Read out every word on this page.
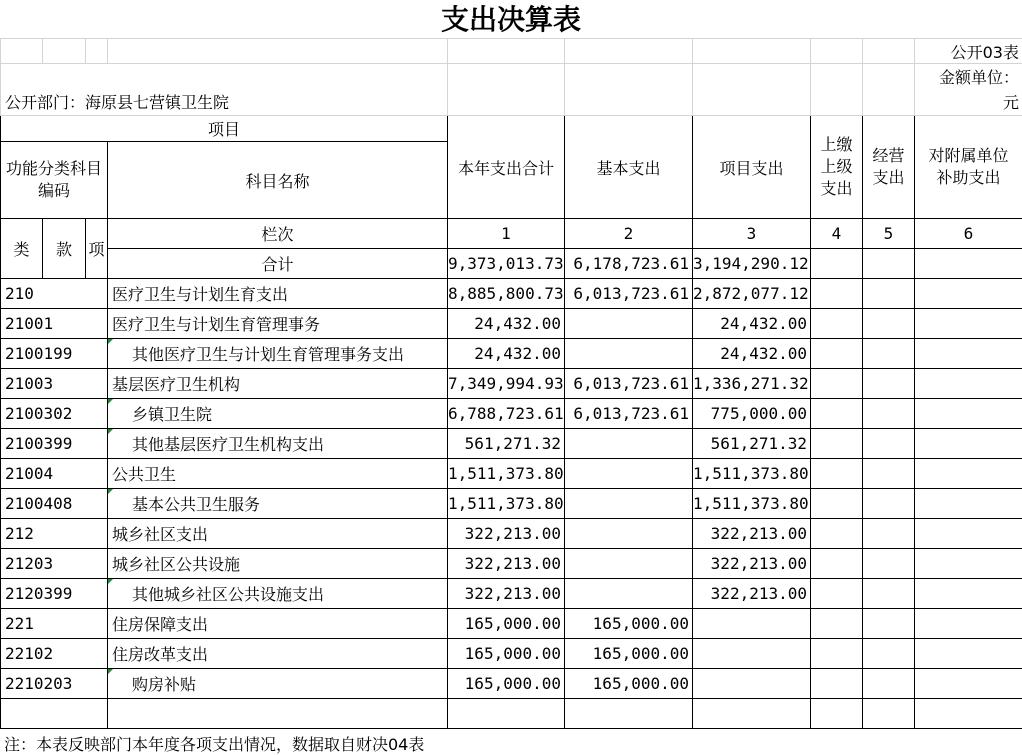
支出决算表
									公开03表
公开部门：海原县七营镇卫生院									金额单位：
元

项目				本年支出合计	基本支出	项目支出	上缴上级支出	经营支出	对附属单位补助支出
功能分类科目编码			科目名称						
类	款	项	栏次	1	2	3	4	5	6
			合计	9,373,013.73	6,178,723.61	3,194,290.12			
210			医疗卫生与计划生育支出	8,885,800.73	6,013,723.61	2,872,077.12			
21001			医疗卫生与计划生育管理事务	24,432.00		24,432.00			
2100199			其他医疗卫生与计划生育管理事务支出	24,432.00		24,432.00			
21003			基层医疗卫生机构	7,349,994.93	6,013,723.61	1,336,271.32			
2100302			乡镇卫生院	6,788,723.61	6,013,723.61	775,000.00			
2100399			其他基层医疗卫生机构支出	561,271.32		561,271.32			
21004			公共卫生	1,511,373.80		1,511,373.80			
2100408			基本公共卫生服务	1,511,373.80		1,511,373.80			
212			城乡社区支出	322,213.00		322,213.00			
21203			城乡社区公共设施	322,213.00		322,213.00			
2120399			其他城乡社区公共设施支出	322,213.00		322,213.00			
221			住房保障支出	165,000.00	165,000.00				
22102			住房改革支出	165,000.00	165,000.00				
2210203			购房补贴	165,000.00	165,000.00				

注：本表反映部门本年度各项支出情况，数据取自财决04表
